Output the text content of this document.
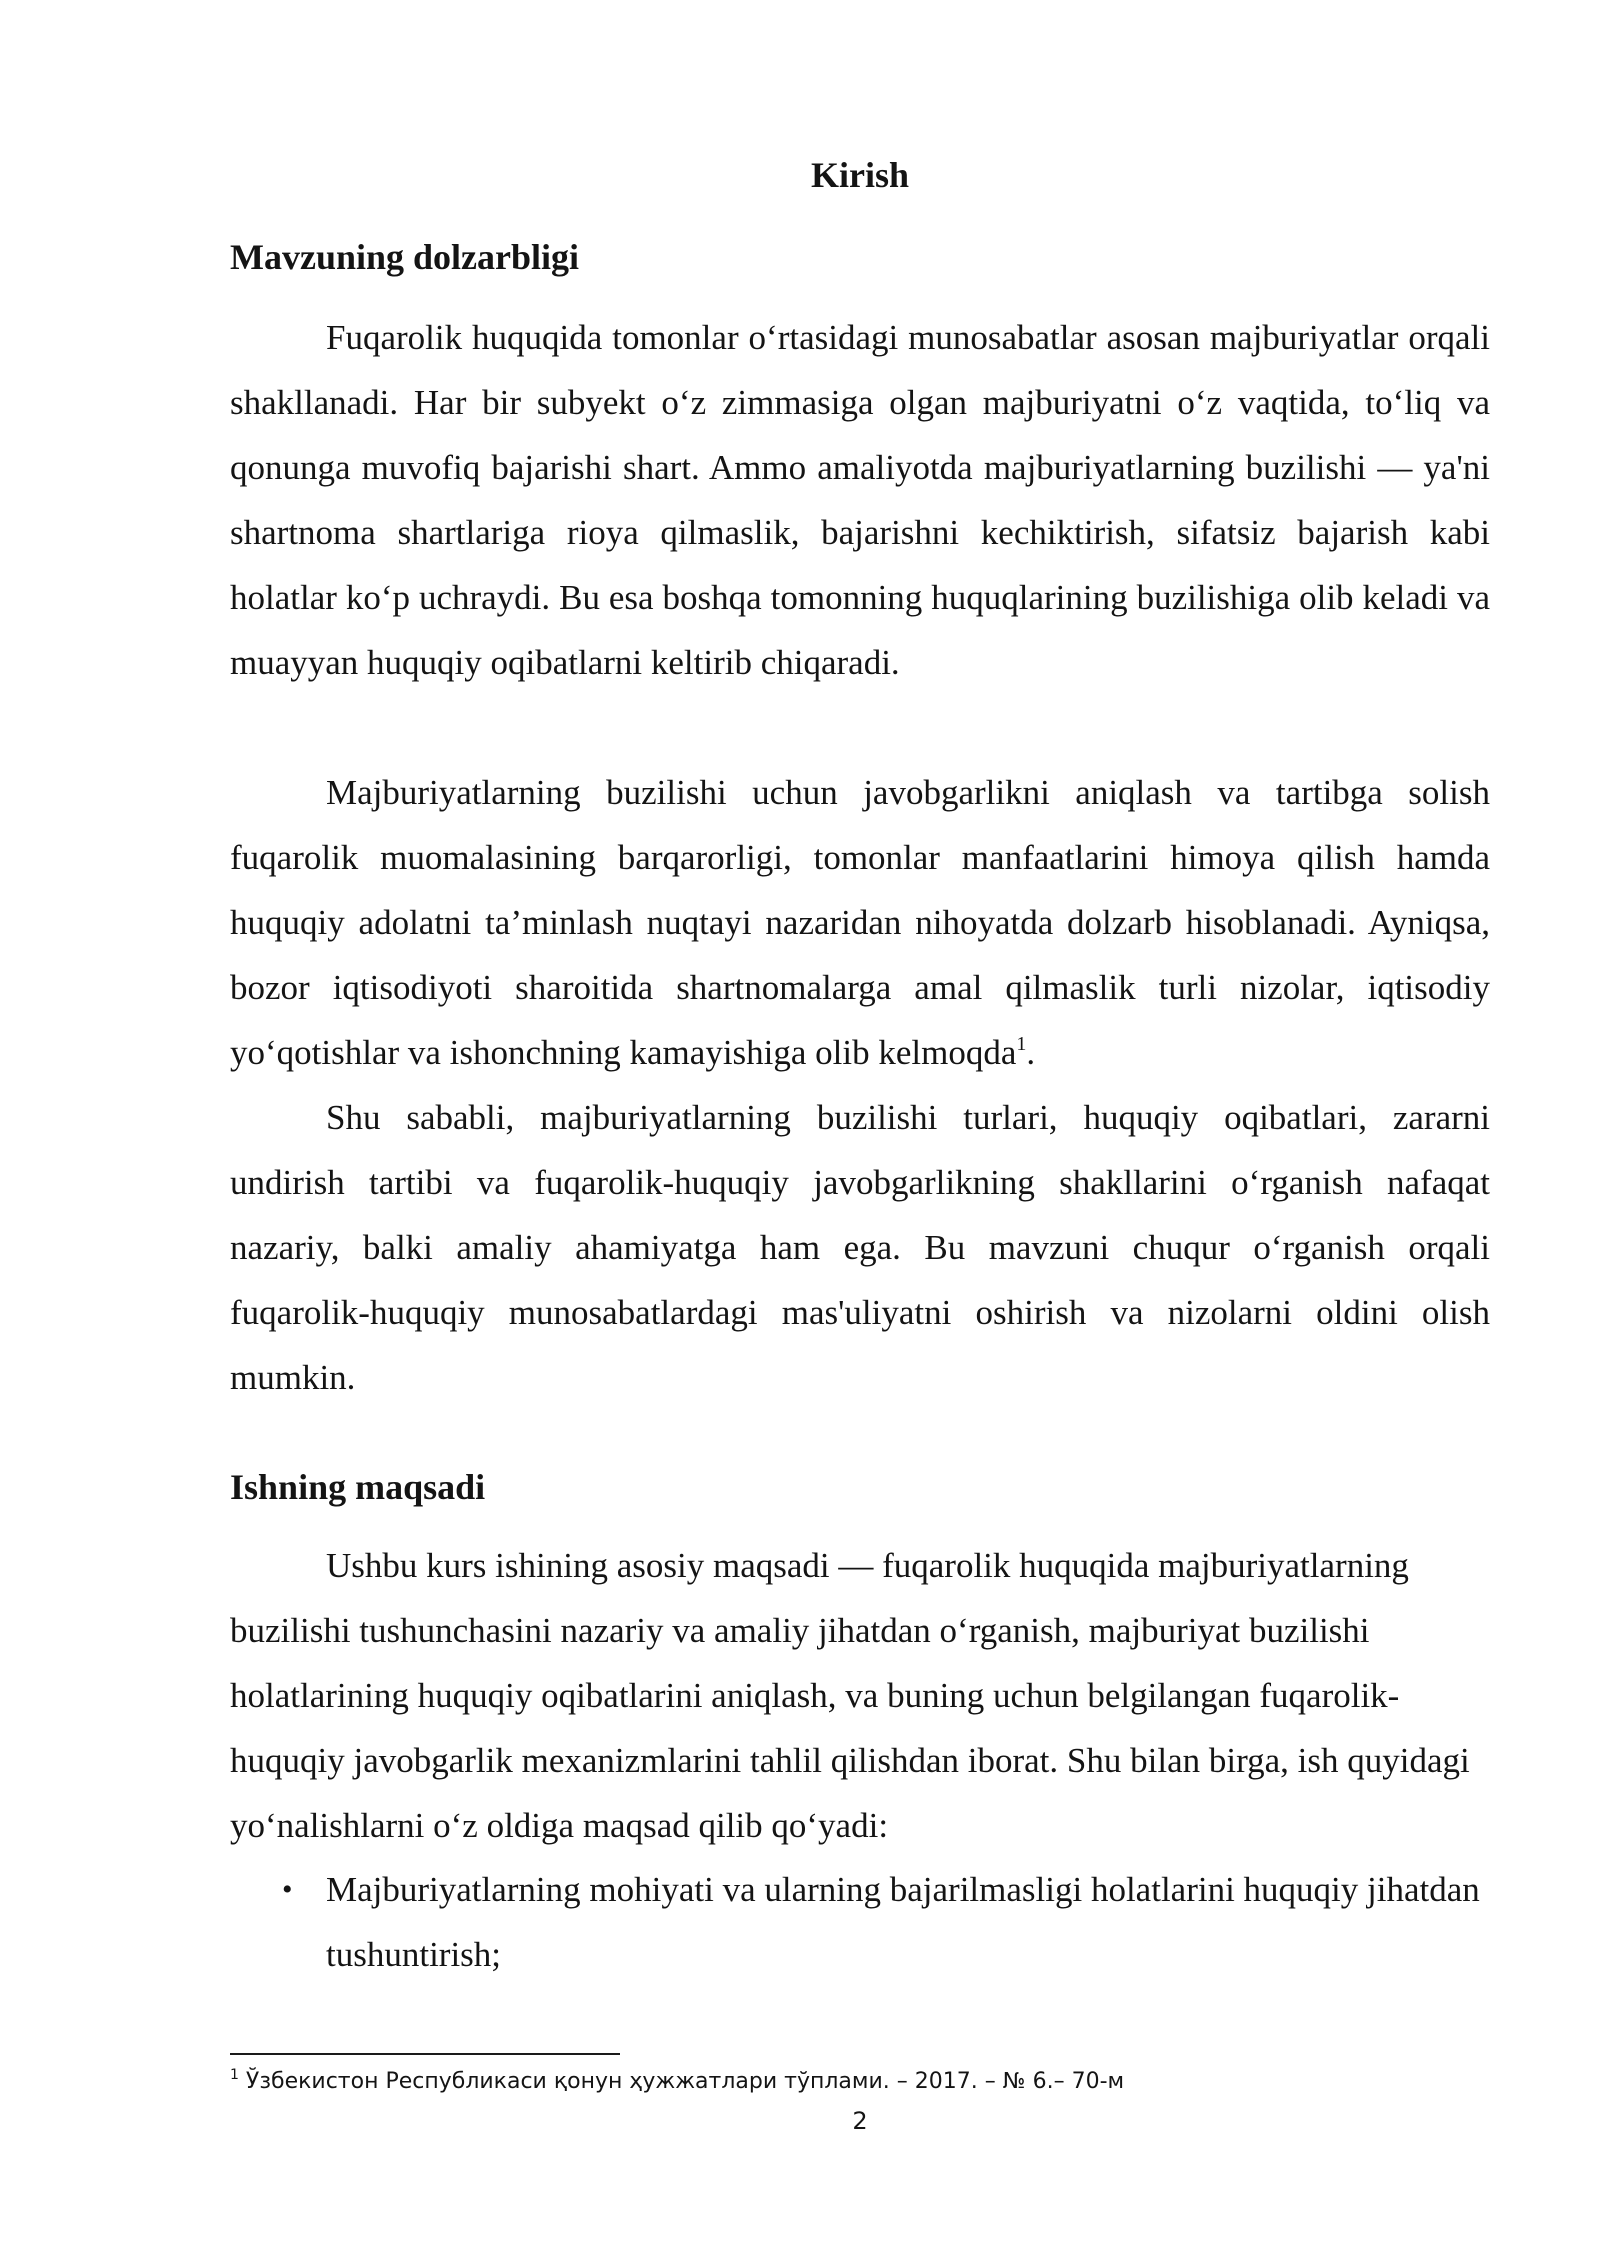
Kirish
Mavzuning dolzarbligi

Fuqarolik huquqida tomonlar oʻrtasidagi munosabatlar asosan majburiyatlar orqali shakllanadi. Har bir subyekt oʻz zimmasiga olgan majburiyatni oʻz vaqtida, toʻliq va qonunga muvofiq bajarishi shart. Ammo amaliyotda majburiyatlarning buzilishi — ya'ni shartnoma shartlariga rioya qilmaslik, bajarishni kechiktirish, sifatsiz bajarish kabi holatlar koʻp uchraydi. Bu esa boshqa tomonning huquqlarining buzilishiga olib keladi va muayyan huquqiy oqibatlarni keltirib chiqaradi.

Majburiyatlarning buzilishi uchun javobgarlikni aniqlash va tartibga solish fuqarolik muomalasining barqarorligi, tomonlar manfaatlarini himoya qilish hamda huquqiy adolatni ta’minlash nuqtayi nazaridan nihoyatda dolzarb hisoblanadi. Ayniqsa, bozor iqtisodiyoti sharoitida shartnomalarga amal qilmaslik turli nizolar, iqtisodiy yoʻqotishlar va ishonchning kamayishiga olib kelmoqda$^1$.

Shu sababli, majburiyatlarning buzilishi turlari, huquqiy oqibatlari, zararni undirish tartibi va fuqarolik-huquqiy javobgarlikning shakllarini oʻrganish nafaqat nazariy, balki amaliy ahamiyatga ham ega. Bu mavzuni chuqur oʻrganish orqali fuqarolik-huquqiy munosabatlardagi mas'uliyatni oshirish va nizolarni oldini olish mumkin.

Ishning maqsadi

Ushbu kurs ishining asosiy maqsadi — fuqarolik huquqida majburiyatlarning buzilishi tushunchasini nazariy va amaliy jihatdan oʻrganish, majburiyat buzilishi holatlarining huquqiy oqibatlarini aniqlash, va buning uchun belgilangan fuqarolik-huquqiy javobgarlik mexanizmlarini tahlil qilishdan iborat. Shu bilan birga, ish quyidagi yoʻnalishlarni oʻz oldiga maqsad qilib qoʻyadi:

• Majburiyatlarning mohiyati va ularning bajarilmasligi holatlarini huquqiy jihatdan tushuntirish;
$^1$ Ўзбекистон Республикаси қонун ҳужжатлари тўплами. – 2017. – № 6.– 70-м
2
